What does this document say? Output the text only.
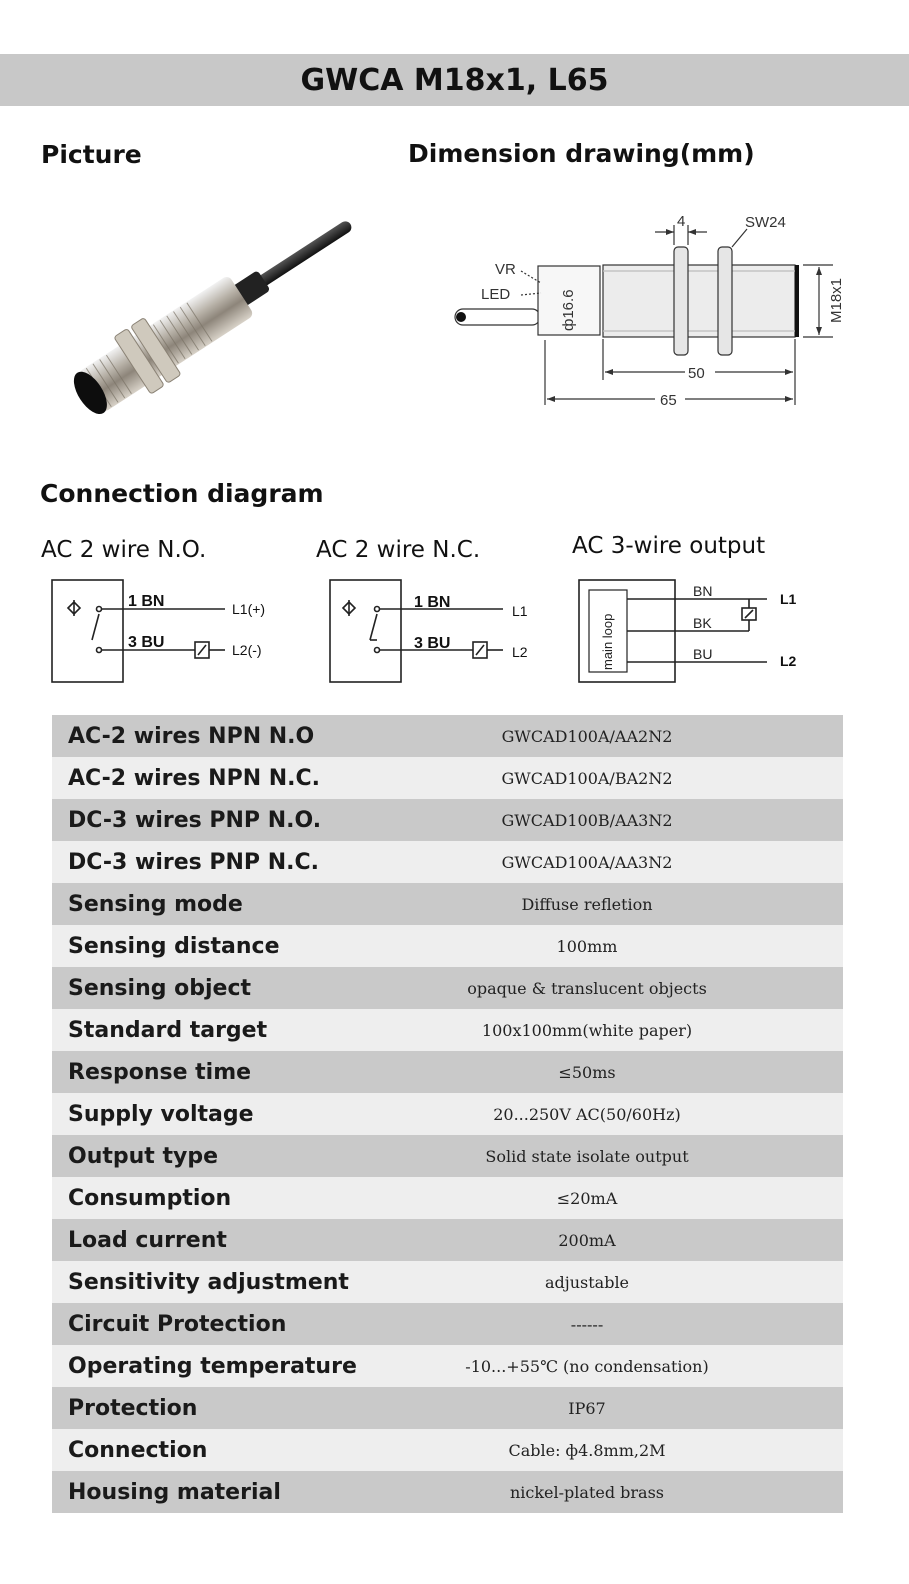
GWCA M18x1, L65
Picture	Dimension drawing(mm)
Connection diagram
VR
LED
4	SW24
50
65
ф16.6	M18x1
AC 2 wire N.O.	AC 2 wire N.C.	AC 3-wire output
1 BN
3 BU
L1(+)
L2(-)
1 BN
3 BU
L1
L2	main loop
BN
BK
BU
L1
L2
AC-2 wires NPN N.O	GWCAD100A/AA2N2
AC-2 wires NPN N.C.	GWCAD100A/BA2N2
DC-3 wires PNP N.O.	GWCAD100B/AA3N2
DC-3 wires PNP N.C.	GWCAD100A/AA3N2
Sensing mode	Diffuse refletion
Sensing distance	100mm
Sensing object	opaque & translucent objects
Standard target	100x100mm(white paper)
Response time	≤50ms
Supply voltage	20...250V AC(50/60Hz)
Output type	Solid state isolate output
Consumption	≤20mA
Load current	200mA
Sensitivity adjustment	adjustable
Circuit Protection	------
Operating temperature	-10...+55℃ (no condensation)
Protection	IP67
Connection	Cable: ф4.8mm,2M
Housing material	nickel-plated brass
